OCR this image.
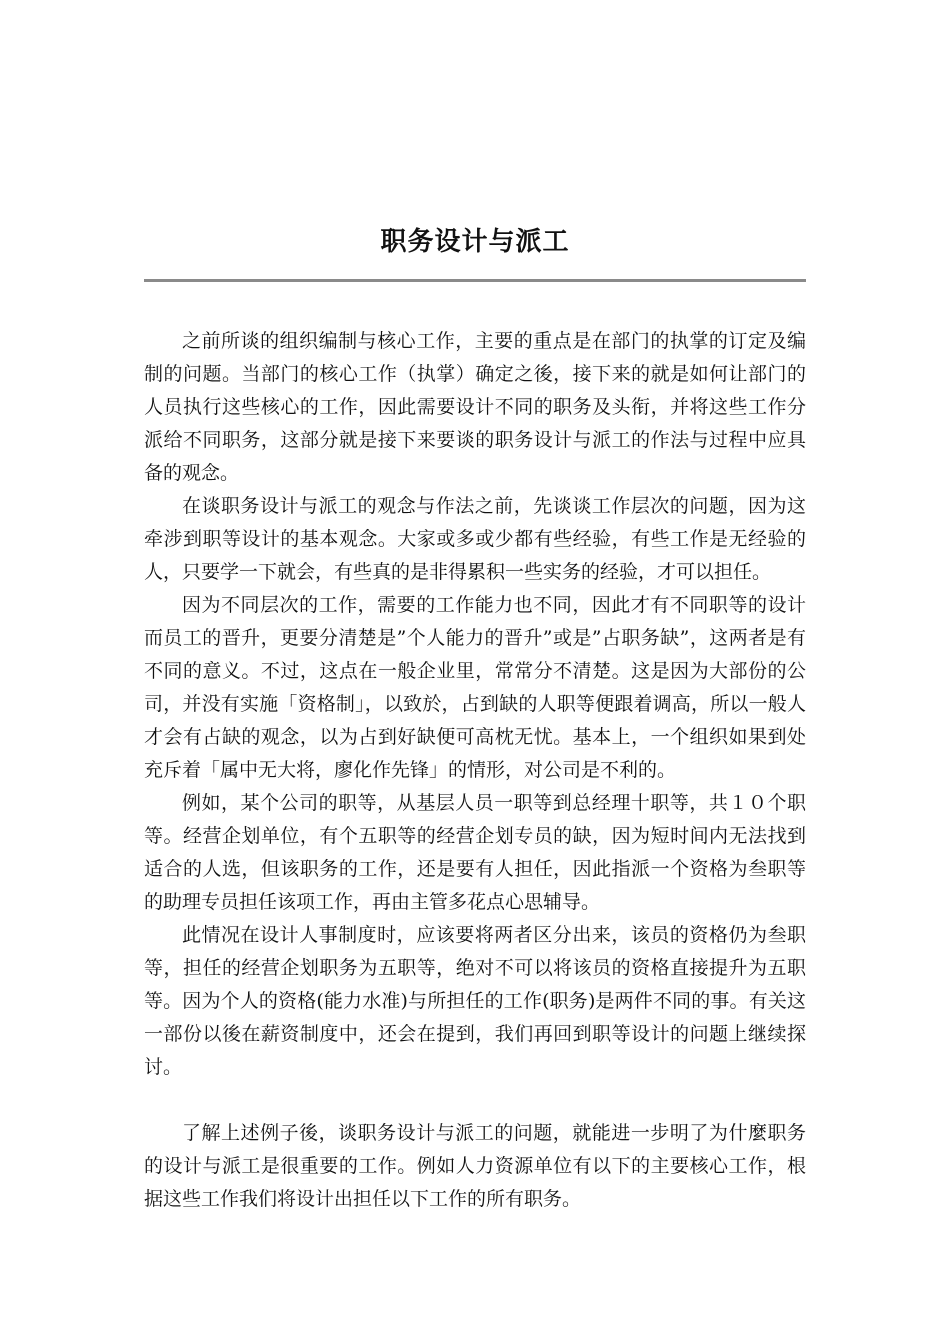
职务设计与派工

之前所谈的组织编制与核心工作，主要的重点是在部门的执掌的订定及编制的问题。当部门的核心工作（执掌）确定之後，接下来的就是如何让部门的人员执行这些核心的工作，因此需要设计不同的职务及头衔，并将这些工作分派给不同职务，这部分就是接下来要谈的职务设计与派工的作法与过程中应具备的观念。

在谈职务设计与派工的观念与作法之前，先谈谈工作层次的问题，因为这牵涉到职等设计的基本观念。大家或多或少都有些经验，有些工作是无经验的人，只要学一下就会，有些真的是非得累积一些实务的经验，才可以担任。

因为不同层次的工作，需要的工作能力也不同，因此才有不同职等的设计而员工的晋升，更要分清楚是”个人能力的晋升”或是”占职务缺”，这两者是有不同的意义。不过，这点在一般企业里，常常分不清楚。这是因为大部份的公司，并没有实施「资格制」，以致於，占到缺的人职等便跟着调高，所以一般人才会有占缺的观念，以为占到好缺便可高枕无忧。基本上，一个组织如果到处充斥着「属中无大将，廖化作先锋」的情形，对公司是不利的。

例如，某个公司的职等，从基层人员一职等到总经理十职等，共１０个职等。经营企划单位，有个五职等的经营企划专员的缺，因为短时间内无法找到适合的人选，但该职务的工作，还是要有人担任，因此指派一个资格为叁职等的助理专员担任该项工作，再由主管多花点心思辅导。

此情况在设计人事制度时，应该要将两者区分出来，该员的资格仍为叁职等，担任的经营企划职务为五职等，绝对不可以将该员的资格直接提升为五职等。因为个人的资格(能力水准)与所担任的工作(职务)是两件不同的事。有关这一部份以後在薪资制度中，还会在提到，我们再回到职等设计的问题上继续探讨。

了解上述例子後，谈职务设计与派工的问题，就能进一步明了为什麼职务的设计与派工是很重要的工作。例如人力资源单位有以下的主要核心工作，根据这些工作我们将设计出担任以下工作的所有职务。
